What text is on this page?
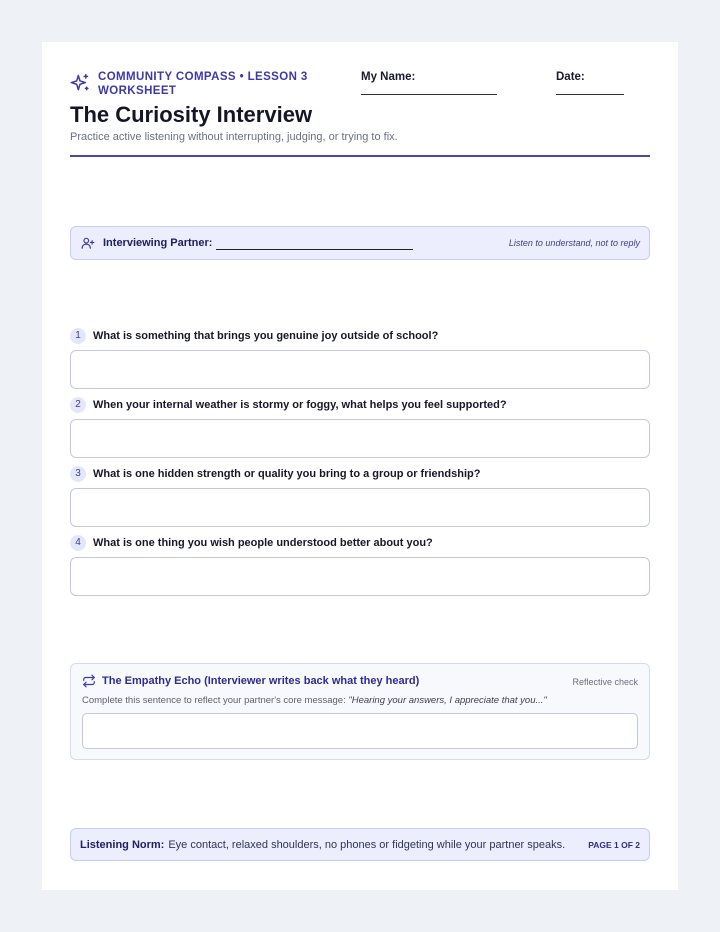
COMMUNITY COMPASS • LESSON 3 WORKSHEET
My Name:	Date:
The Curiosity Interview
Practice active listening without interrupting, judging, or trying to fix.
Interviewing Partner:	Listen to understand, not to reply
1	What is something that brings you genuine joy outside of school?
2	When your internal weather is stormy or foggy, what helps you feel supported?
3	What is one hidden strength or quality you bring to a group or friendship?
4	What is one thing you wish people understood better about you?
The Empathy Echo (Interviewer writes back what they heard)	Reflective check
Complete this sentence to reflect your partner's core message: "Hearing your answers, I appreciate that you..."
Listening Norm: Eye contact, relaxed shoulders, no phones or fidgeting while your partner speaks.	PAGE 1 OF 2
